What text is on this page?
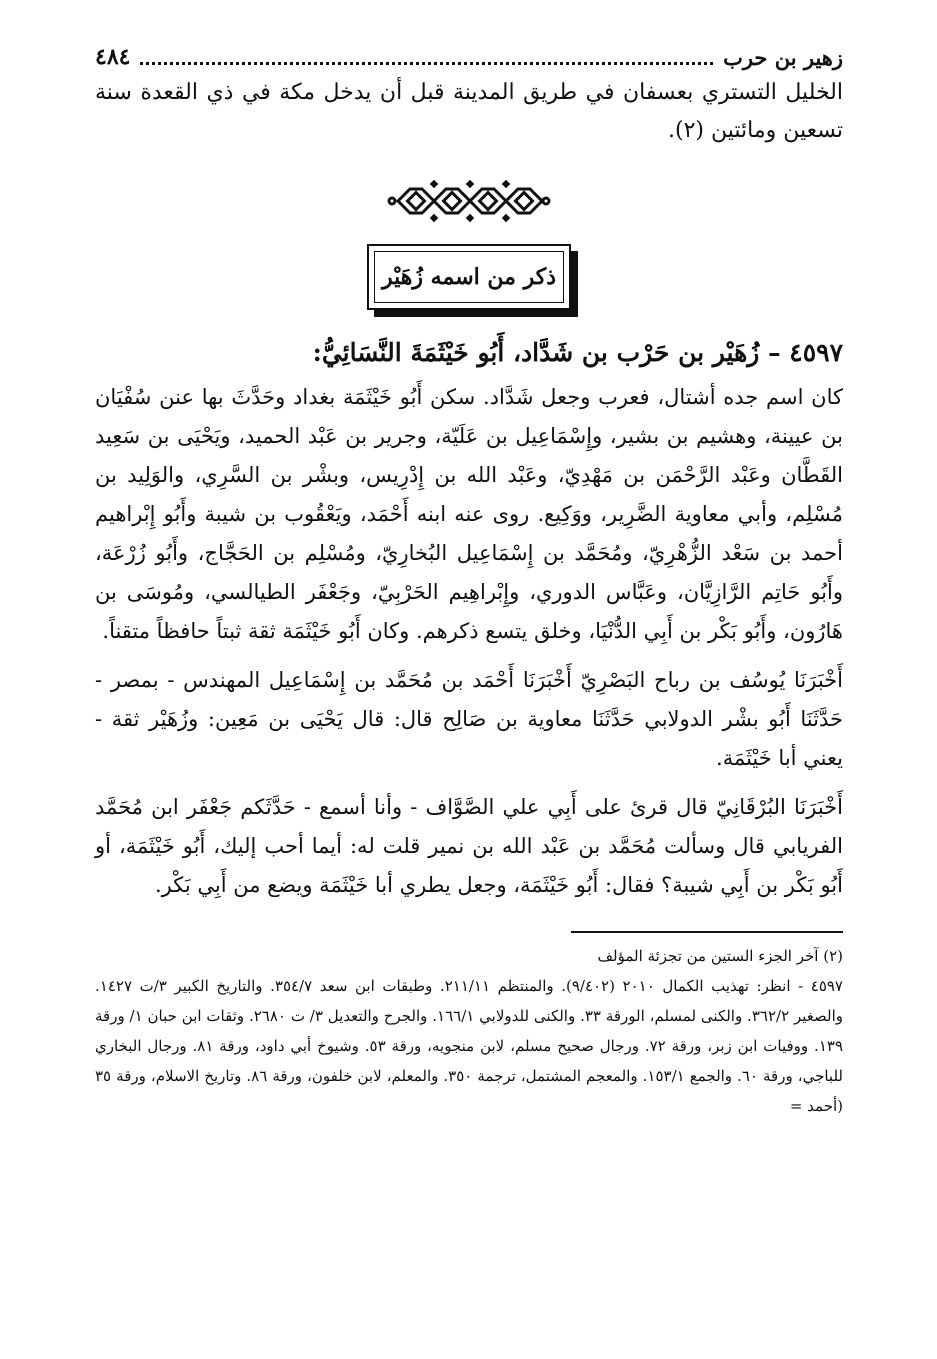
زهير بن حرب
٤٨٤

الخليل التستري بعسفان في طريق المدينة قبل أن يدخل مكة في ذي القعدة سنة تسعين ومائتين (٢).

ذكر من اسمه زُهَيْر
٤٥٩٧ – زُهَيْر بن حَرْب بن شَدَّاد، أَبُو خَيْثَمَةَ النَّسَائِيُّ:

كان اسم جده أشتال، فعرب وجعل شَدَّاد. سكن أَبُو خَيْثَمَة بغداد وحَدَّثَ بها عنن سُفْيَان بن عيينة، وهشيم بن بشير، وإِسْمَاعِيل بن عَلَيّة، وجرير بن عَبْد الحميد، ويَحْيَى بن سَعِيد القَطَّان وعَبْد الرَّحْمَن بن مَهْدِيّ، وعَبْد الله بن إِدْرِيس، وبشْر بن السَّرِي، والوَلِيد بن مُسْلِم، وأبي معاوية الضَّرِير، ووَكِيع. روى عنه ابنه أَحْمَد، ويَعْقُوب بن شيبة وأَبُو إِبْراهيم أحمد بن سَعْد الزُّهْرِيّ، ومُحَمَّد بن إِسْمَاعِيل البُخارِيّ، ومُسْلِم بن الحَجَّاج، وأَبُو زُرْعَة، وأَبُو حَاتِم الرَّازِيَّان، وعَبَّاس الدوري، وإِبْراهِيم الحَرْبِيّ، وجَعْفَر الطيالسي، ومُوسَى بن هَارُون، وأَبُو بَكْر بن أَبِي الدُّنْيَا، وخلق يتسع ذكرهم. وكان أَبُو خَيْثَمَة ثقة ثبتاً حافظاً متقناً.

أَخْبَرَنَا يُوسُف بن رباح البَصْرِيّ أَخْبَرَنَا أَحْمَد بن مُحَمَّد بن إِسْمَاعِيل المهندس - بمصر - حَدَّثَنَا أَبُو بشْر الدولابي حَدَّثَنَا معاوية بن صَالِح قال: قال يَحْيَى بن مَعِين: وزُهَيْر ثقة - يعني أبا خَيْثَمَة.

أَخْبَرَنَا البُرْقَانِيّ قال قرئ على أَبِي علي الصَّوَّاف - وأنا أسمع - حَدَّثَكم جَعْفَر ابن مُحَمَّد الفريابي قال وسألت مُحَمَّد بن عَبْد الله بن نمير قلت له: أيما أحب إليك، أَبُو خَيْثَمَة، أو أَبُو بَكْر بن أَبِي شيبة؟ فقال: أَبُو خَيْثَمَة، وجعل يطري أبا خَيْثَمَة ويضع من أَبِي بَكْر.

(٢) آخر الجزء الستين من تجزئة المؤلف

٤٥٩٧ - انظر: تهذيب الكمال ٢٠١٠ (٩/٤٠٢). والمنتظم ٢١١/١١. وطبقات ابن سعد ٣٥٤/٧. والتاريخ الكبير ٣/ت ١٤٢٧. والصغير ٣٦٢/٢. والكنى لمسلم، الورقة ٣٣. والكنى للدولابي ١٦٦/١. والجرح والتعديل ٣/ ت ٢٦٨٠. وثقات ابن حبان ١/ ورقة ١٣٩. ووفيات ابن زبر، ورقة ٧٢. ورجال صحيح مسلم، لابن منجويه، ورقة ٥٣. وشيوخ أبي داود، ورقة ٨١. ورجال البخاري للباجي، ورقة ٦٠. والجمع ١٥٣/١. والمعجم المشتمل، ترجمة ٣٥٠. والمعلم، لابن خلفون، ورقة ٨٦. وتاريخ الاسلام، ورقة ٣٥ (أحمد =
